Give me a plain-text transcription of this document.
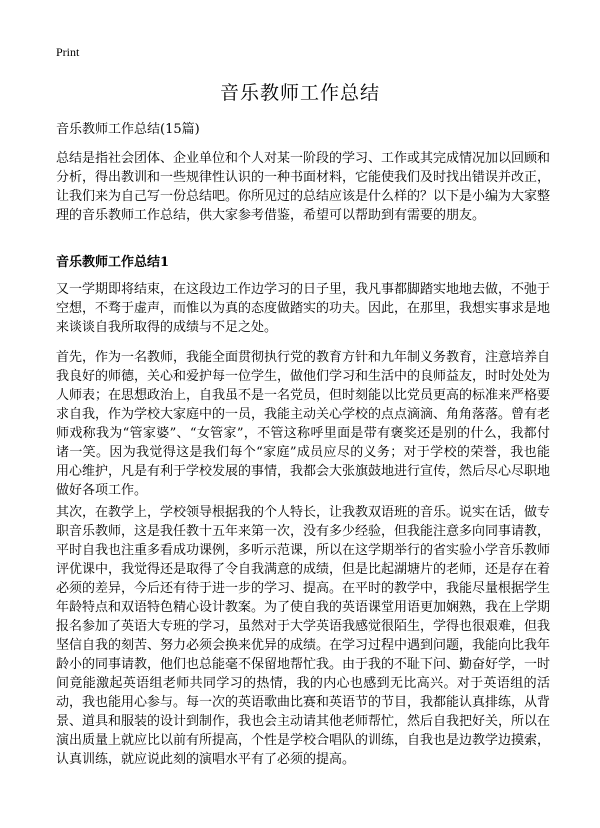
Print
音乐教师工作总结

音乐教师工作总结(15篇)

总结是指社会团体、企业单位和个人对某一阶段的学习、工作或其完成情况加以回顾和分析，得出教训和一些规律性认识的一种书面材料，它能使我们及时找出错误并改正，让我们来为自己写一份总结吧。你所见过的总结应该是什么样的？以下是小编为大家整理的音乐教师工作总结，供大家参考借鉴，希望可以帮助到有需要的朋友。

音乐教师工作总结1

又一学期即将结束，在这段边工作边学习的日子里，我凡事都脚踏实地地去做，不弛于空想，不骛于虚声，而惟以为真的态度做踏实的功夫。因此，在那里，我想实事求是地来谈谈自我所取得的成绩与不足之处。

首先，作为一名教师，我能全面贯彻执行党的教育方针和九年制义务教育，注意培养自我良好的师德，关心和爱护每一位学生，做他们学习和生活中的良师益友，时时处处为人师表；在思想政治上，自我虽不是一名党员，但时刻能以比党员更高的标准来严格要求自我，作为学校大家庭中的一员，我能主动关心学校的点点滴滴、角角落落。曾有老师戏称我为“管家婆”、“女管家”，不管这称呼里面是带有褒奖还是别的什么，我都付诸一笑。因为我觉得这是我们每个“家庭”成员应尽的义务；对于学校的荣誉，我也能用心维护，凡是有利于学校发展的事情，我都会大张旗鼓地进行宣传，然后尽心尽职地做好各项工作。

其次，在教学上，学校领导根据我的个人特长，让我教双语班的音乐。说实在话，做专职音乐教师，这是我任教十五年来第一次，没有多少经验，但我能注意多向同事请教，平时自我也注重多看成功课例，多听示范课，所以在这学期举行的省实验小学音乐教师评优课中，我觉得还是取得了令自我满意的成绩，但是比起湖塘片的老师，还是存在着必须的差异，今后还有待于进一步的学习、提高。在平时的教学中，我能尽量根据学生年龄特点和双语特色精心设计教案。为了使自我的英语课堂用语更加娴熟，我在上学期报名参加了英语大专班的学习，虽然对于大学英语我感觉很陌生，学得也很艰难，但我坚信自我的刻苦、努力必须会换来优异的成绩。在学习过程中遇到问题，我能向比我年龄小的同事请教，他们也总能毫不保留地帮忙我。由于我的不耻下问、勤奋好学，一时间竟能激起英语组老师共同学习的热情，我的内心也感到无比高兴。对于英语组的活动，我也能用心参与。每一次的英语歌曲比赛和英语节的节目，我都能认真排练，从背景、道具和服装的设计到制作，我也会主动请其他老师帮忙，然后自我把好关，所以在演出质量上就应比以前有所提高，个性是学校合唱队的训练，自我也是边教学边摸索，认真训练，就应说此刻的演唱水平有了必须的提高。
